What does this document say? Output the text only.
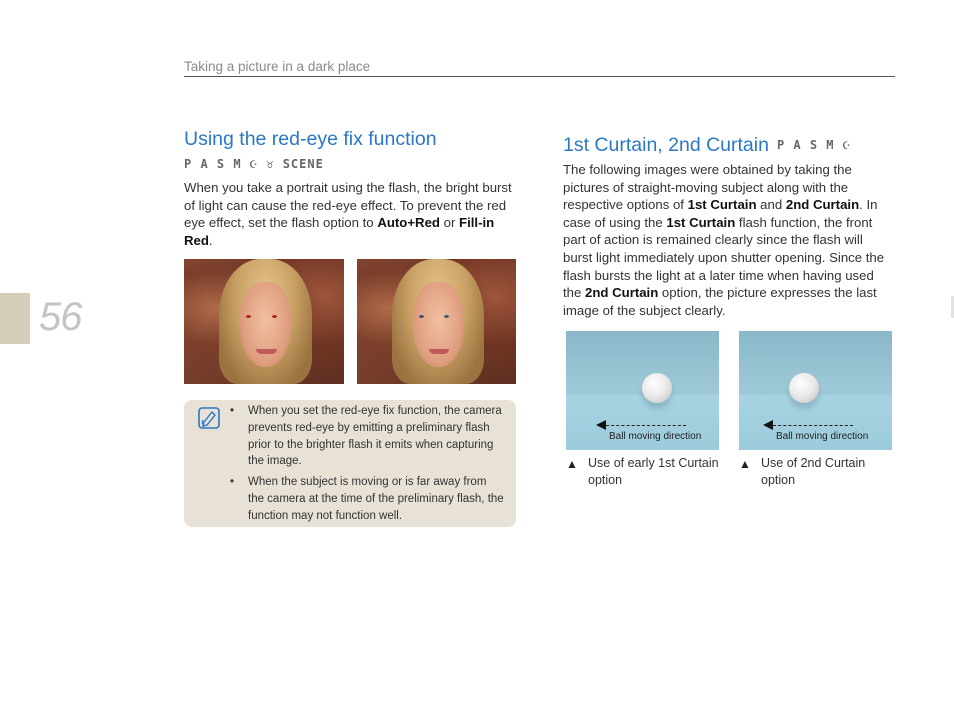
Taking a picture in a dark place
56
Using the red-eye fix function
P A S M ☪ ♉ SCENE
When you take a portrait using the flash, the bright burst of light can cause the red-eye effect. To prevent the red eye effect, set the flash option to Auto+Red or Fill-in Red.
• When you set the red-eye fix function, the camera prevents red-eye by emitting a preliminary flash prior to the brighter flash it emits when capturing the image.
• When the subject is moving or is far away from the camera at the time of the preliminary flash, the function may not function well.
1st Curtain, 2nd Curtain P A S M ☪
The following images were obtained by taking the pictures of straight-moving subject along with the respective options of 1st Curtain and 2nd Curtain. In case of using the 1st Curtain flash function, the front part of action is remained clearly since the flash will burst light immediately upon shutter opening. Since the flash bursts the light at a later time when having used the 2nd Curtain option, the picture expresses the last image of the subject clearly.
Ball moving direction
▲ Use of early 1st Curtain option
Ball moving direction
▲ Use of 2nd Curtain option
